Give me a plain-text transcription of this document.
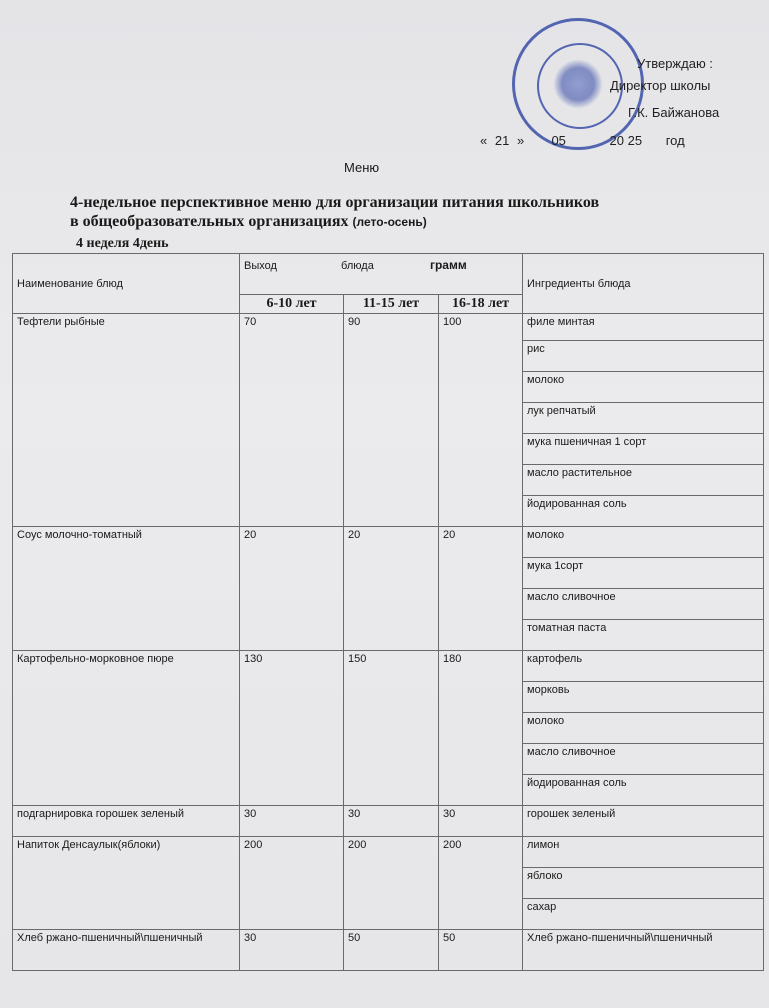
Утверждаю :
Директор школы
Г.К. Байжанова
« 21 » 05	20 25 год
Меню
4-недельное перспективное меню для организации питания школьников
в общеобразовательных организациях (лето-осень)
4 неделя 4день
Наименование блюд	Выход блюда грамм			Ингредиенты блюда
	6-10 лет	11-15 лет	16-18 лет	
Тефтели рыбные	70	90	100	филе минтая
				рис
				молоко
				лук репчатый
				мука пшеничная 1 сорт
				масло растительное
				йодированная соль
Соус молочно-томатный	20	20	20	молоко
				мука 1сорт
				масло сливочное
				томатная паста
Картофельно-морковное пюре	130	150	180	картофель
				морковь
				молоко
				масло сливочное
				йодированная соль
подгарнировка горошек зеленый	30	30	30	горошек зеленый
Напиток Денсаулык(яблоки)	200	200	200	лимон
				яблоко
				сахар
Хлеб ржано-пшеничный\пшеничный	30	50	50	Хлеб ржано-пшеничный\пшеничный
